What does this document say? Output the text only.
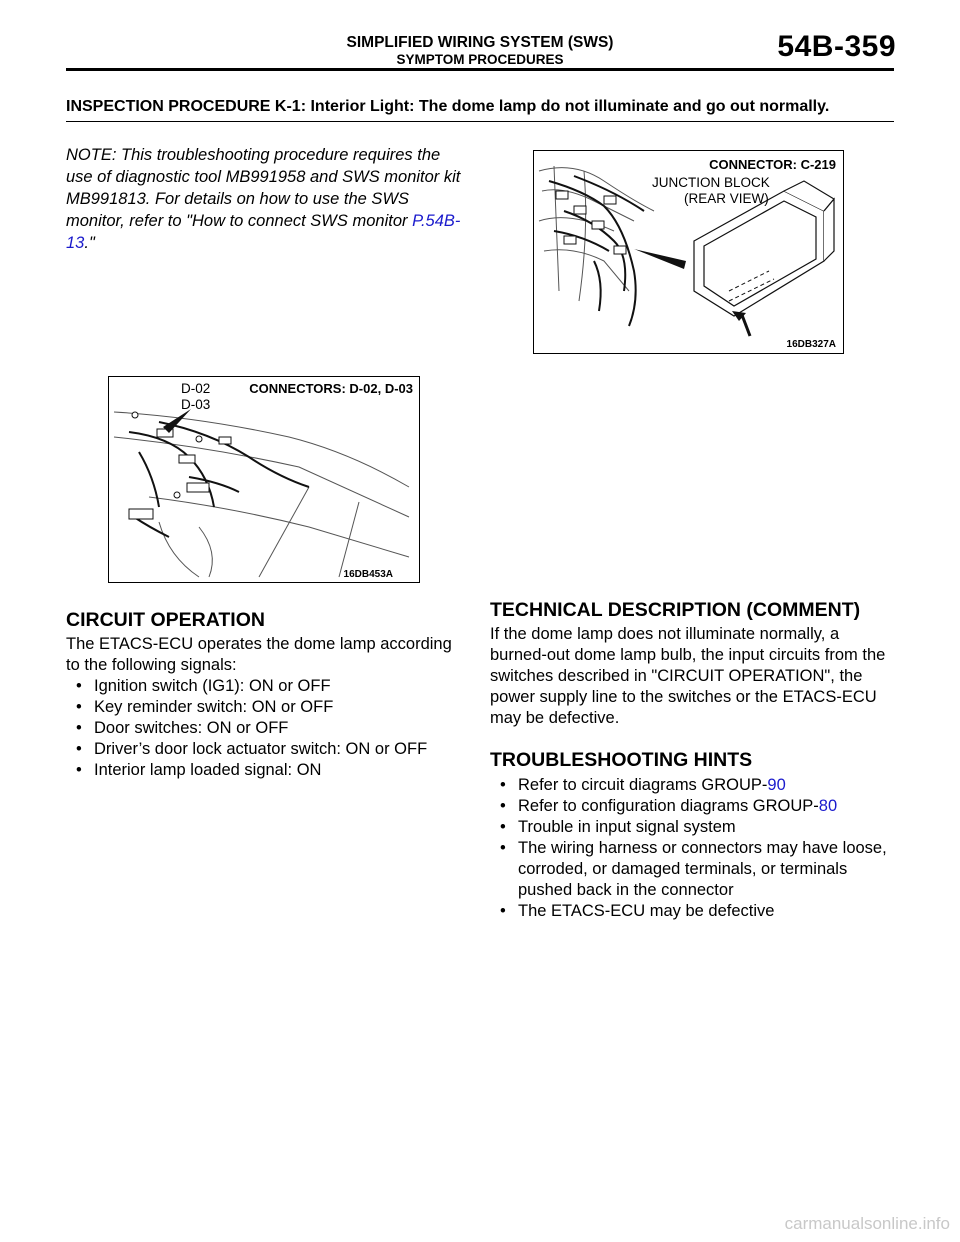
SIMPLIFIED WIRING SYSTEM (SWS)
SYMPTOM PROCEDURES	54B-359
INSPECTION PROCEDURE K-1: Interior Light: The dome lamp do not illuminate and go out normally.
NOTE: This troubleshooting procedure requires the use of diagnostic tool MB991958 and SWS monitor kit MB991813. For details on how to use the SWS monitor, refer to "How to connect SWS monitor P.54B-13."
CONNECTOR: C-219
JUNCTION BLOCK
(REAR VIEW)
16DB327A
D-02
D-03
CONNECTORS: D-02, D-03
16DB453A
CIRCUIT OPERATION
The ETACS-ECU operates the dome lamp according to the following signals:
• Ignition switch (IG1): ON or OFF
• Key reminder switch: ON or OFF
• Door switches: ON or OFF
• Driver’s door lock actuator switch: ON or OFF
• Interior lamp loaded signal: ON
TECHNICAL DESCRIPTION (COMMENT)
If the dome lamp does not illuminate normally, a burned-out dome lamp bulb, the input circuits from the switches described in "CIRCUIT OPERATION", the power supply line to the switches or the ETACS-ECU may be defective.
TROUBLESHOOTING HINTS
• Refer to circuit diagrams GROUP-90
• Refer to configuration diagrams GROUP-80
• Trouble in input signal system
• The wiring harness or connectors may have loose, corroded, or damaged terminals, or terminals pushed back in the connector
• The ETACS-ECU may be defective
carmanualsonline.info
